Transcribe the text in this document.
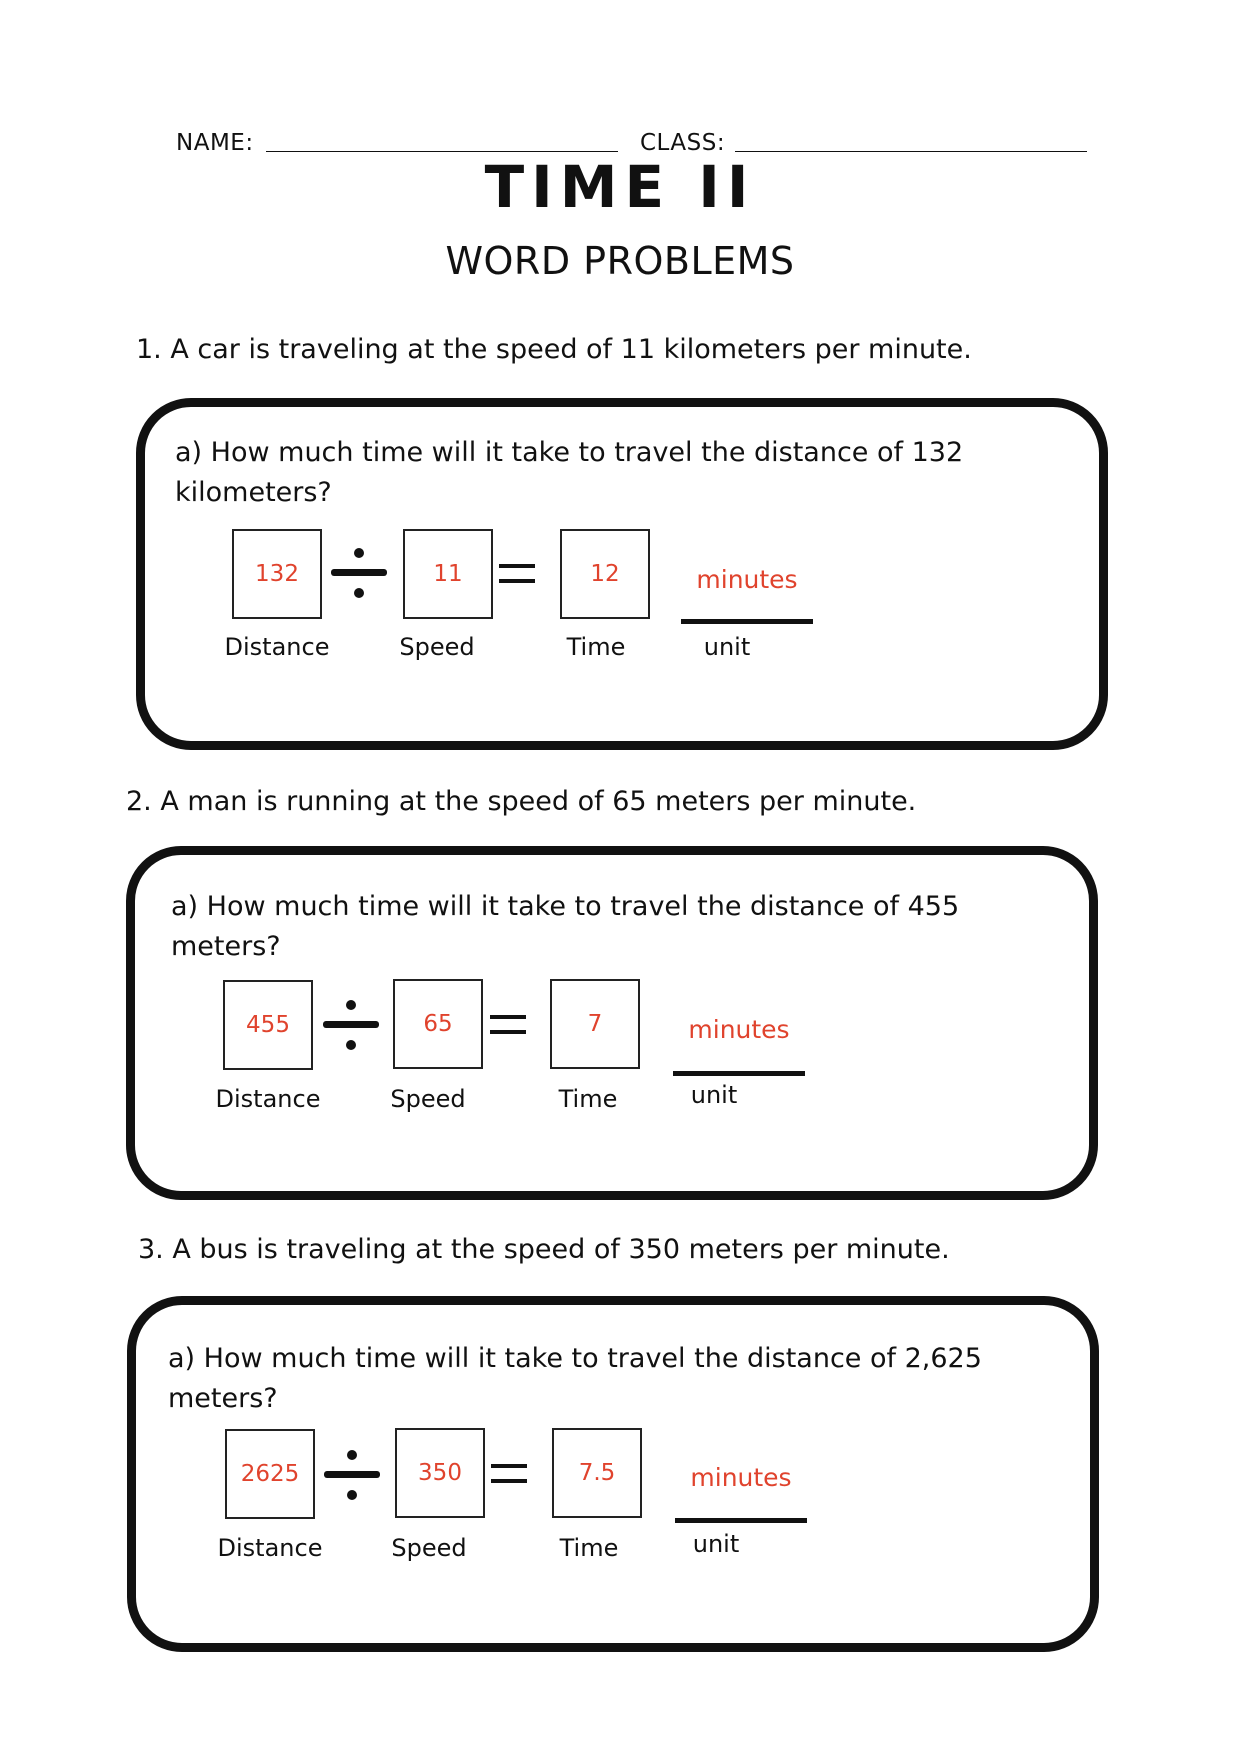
NAME:	CLASS:
TIME II
WORD PROBLEMS
1. A car is traveling at the speed of 11 kilometers per minute.
a) How much time will it take to travel the distance of 132 kilometers?
132	11	12	minutes
Distance	Speed	Time	unit
2. A man is running at the speed of 65 meters per minute.
a) How much time will it take to travel the distance of 455 meters?
455	65	7	minutes
Distance	Speed	Time	unit
3. A bus is traveling at the speed of 350 meters per minute.
a) How much time will it take to travel the distance of 2,625 meters?
2625	350	7.5	minutes
Distance	Speed	Time	unit
